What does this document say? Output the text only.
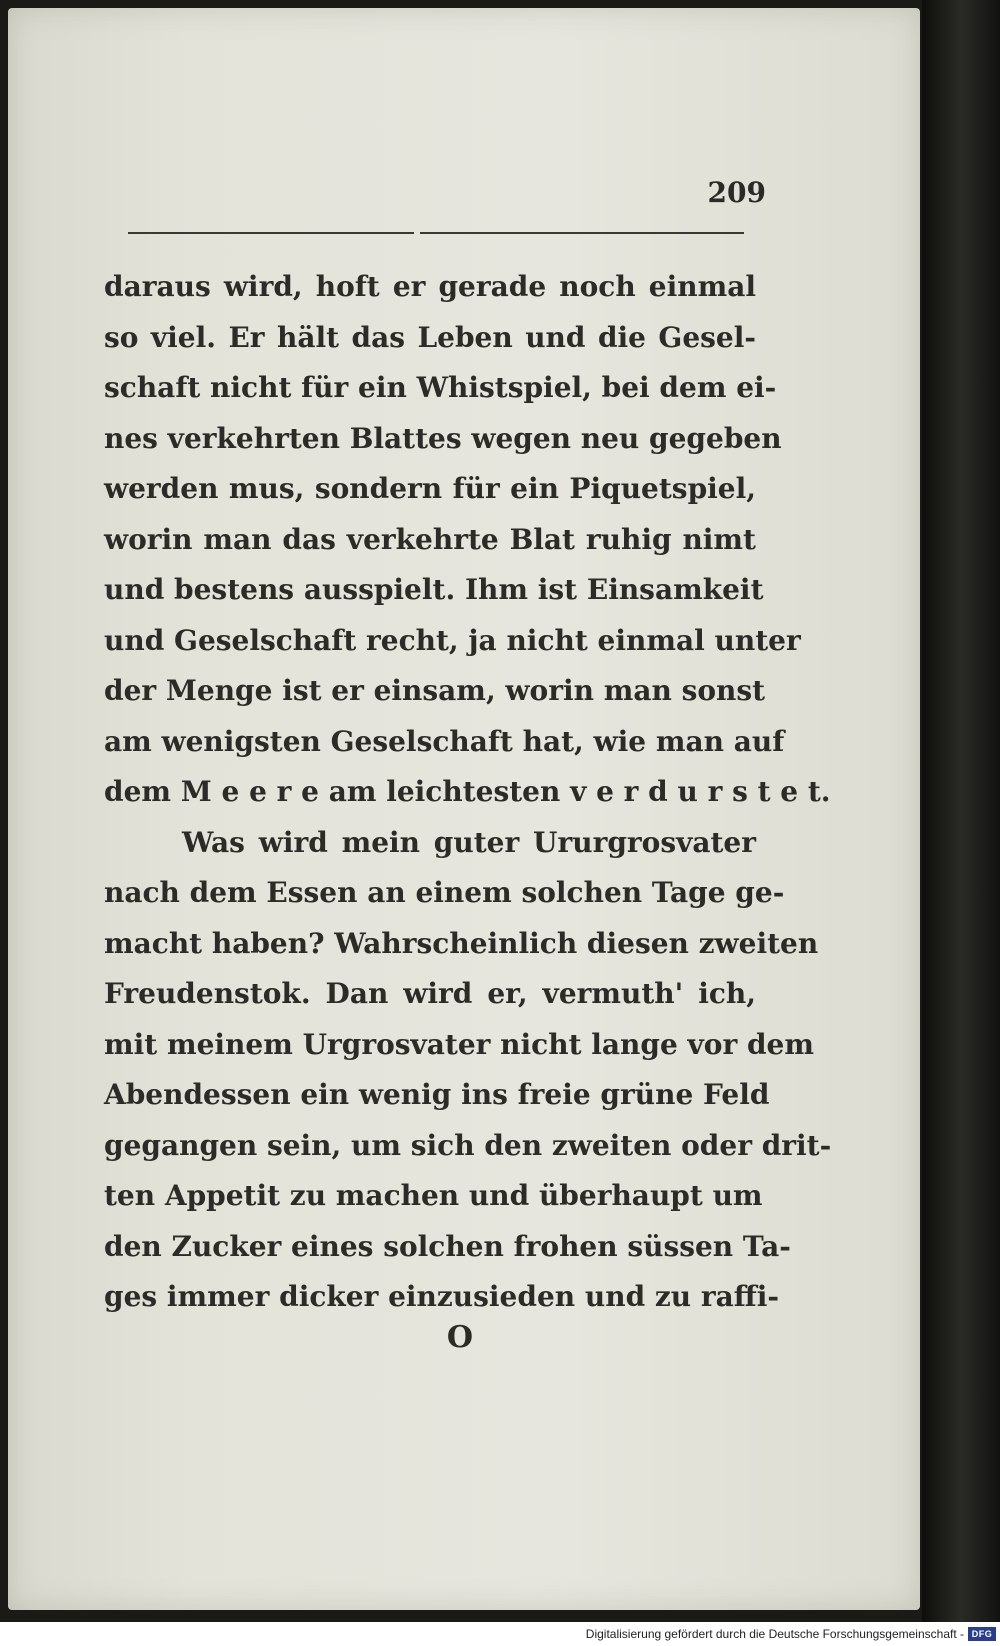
209
daraus wird, hoft er gerade noch einmal
so viel. Er hält das Leben und die Gesel-
schaft nicht für ein Whistspiel, bei dem ei-
nes verkehrten Blattes wegen neu gegeben
werden mus, sondern für ein Piquetspiel,
worin man das verkehrte Blat ruhig nimt
und bestens ausspielt. Ihm ist Einsamkeit
und Geselschaft recht, ja nicht einmal unter
der Menge ist er einsam, worin man sonst
am wenigsten Geselschaft hat, wie man auf
dem M e e r e am leichtesten v e r d u r s t e t.
Was wird mein guter Ururgrosvater
nach dem Essen an einem solchen Tage ge-
macht haben? Wahrscheinlich diesen zweiten
Freudenstok. Dan wird er, vermuth' ich,
mit meinem Urgrosvater nicht lange vor dem
Abendessen ein wenig ins freie grüne Feld
gegangen sein, um sich den zweiten oder drit-
ten Appetit zu machen und überhaupt um
den Zucker eines solchen frohen süssen Ta-
ges immer dicker einzusieden und zu raffi-
O
Digitalisierung gefördert durch die Deutsche Forschungsgemeinschaft - DFG
